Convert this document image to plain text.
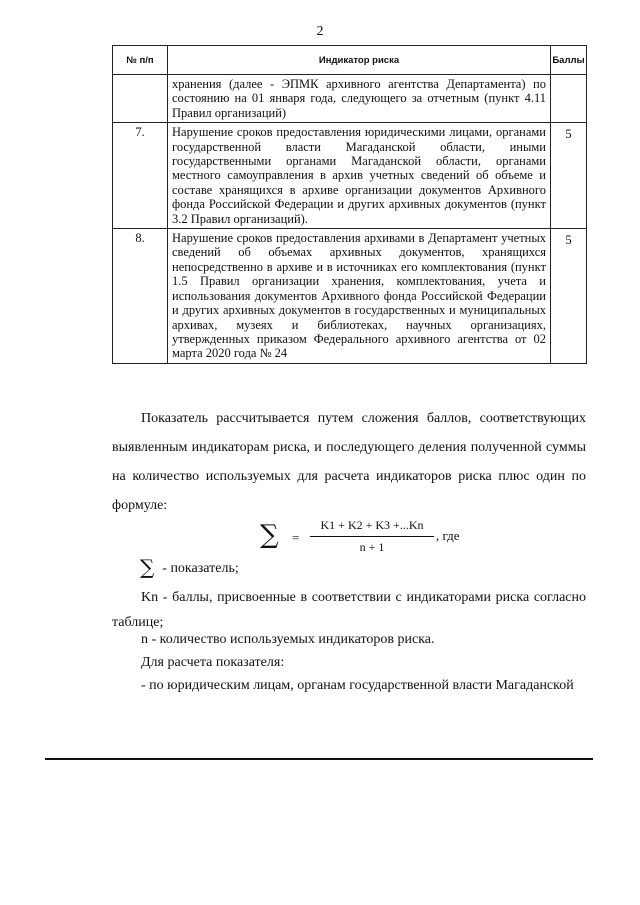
2
№ п/п	Индикатор риска	Баллы
	хранения (далее - ЭПМК архивного агентства Департамента) по состоянию на 01 января года, следующего за отчетным (пункт 4.11 Правил организаций)	
7.	Нарушение сроков предоставления юридическими лицами, органами государственной власти Магаданской области, иными государственными органами Магаданской области, органами местного самоуправления в архив учетных сведений об объеме и составе хранящихся в архиве организации документов Архивного фонда Российской Федерации и других архивных документов (пункт 3.2 Правил организаций).	5
8.	Нарушение сроков предоставления архивами в Департамент учетных сведений об объемах архивных документов, хранящихся непосредственно в архиве и в источниках его комплектования (пункт 1.5 Правил организации хранения, комплектования, учета и использования документов Архивного фонда Российской Федерации и других архивных документов в государственных и муниципальных архивах, музеях и библиотеках, научных организациях, утвержденных приказом Федерального архивного агентства от 02 марта 2020 года № 24	5
Показатель рассчитывается путем сложения баллов, соответствующих выявленным индикаторам риска, и последующего деления полученной суммы на количество используемых для расчета индикаторов риска плюс один по формуле:
∑ = $\frac{K1 + K2 + K3 +...Kn}{n + 1}$ , где
∑ - показатель;
Kn - баллы, присвоенные в соответствии с индикаторами риска согласно таблице;
n - количество используемых индикаторов риска.
Для расчета показателя:
- по юридическим лицам, органам государственной власти Магаданской
